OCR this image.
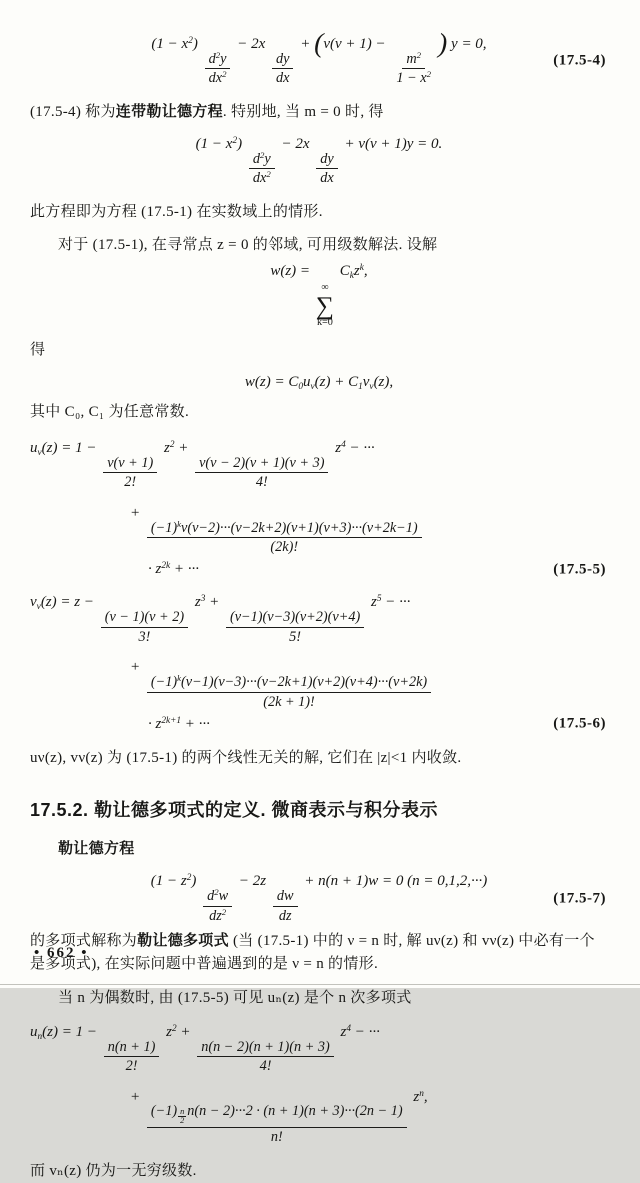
$(1 - x^2)$
$\frac{d^2y}{dx^2}$
− 2x
$\frac{dy}{dx}$
+ (ν(ν + 1) −
$\frac{m^2}{1 - x^2}$
) y = 0,
(17.5-4)

(17.5-4) 称为连带勒让德方程. 特别地, 当 m = 0 时, 得

$(1 - x^2)$
$\frac{d^2y}{dx^2}$
− 2x
$\frac{dy}{dx}$
+ ν(ν + 1)y = 0.

此方程即为方程 (17.5-1) 在实数域上的情形.

对于 (17.5-1), 在寻常点 z = 0 的邻域, 可用级数解法. 设解

w(z) =
∞
∑
k=0
$C_kz^k$,

得

$w(z) = C_0u_\nu(z) + C_1v_\nu(z)$,

其中 C₀, C₁ 为任意常数.

$u_\nu(z) = 1$ −
$\frac{\nu(\nu + 1)}{2!}$
$z^2$ +
$\frac{\nu(\nu - 2)(\nu + 1)(\nu + 3)}{4!}$
$z^4$ − ···
+
$\frac{(-1)^k\nu(\nu-2)\cdot\cdot\cdot(\nu-2k+2)(\nu+1)(\nu+3)\cdot\cdot\cdot(\nu+2k-1)}{(2k)!}$
· $z^{2k}$ + ···	(17.5-5)
$v_\nu(z) = z$ −
$\frac{(\nu - 1)(\nu + 2)}{3!}$
$z^3$ +
$\frac{(\nu-1)(\nu-3)(\nu+2)(\nu+4)}{5!}$
$z^5$ − ···
+
$\frac{(-1)^k(\nu-1)(\nu-3)\cdot\cdot\cdot(\nu-2k+1)(\nu+2)(\nu+4)\cdot\cdot\cdot(\nu+2k)}{(2k + 1)!}$
· $z^{2k+1}$ + ···	(17.5-6)

uν(z), vν(z) 为 (17.5-1) 的两个线性无关的解, 它们在 |z|<1 内收敛.

17.5.2. 勒让德多项式的定义. 微商表示与积分表示

勒让德方程

$(1 - z^2)$
$\frac{d^2w}{dz^2}$
− 2z
$\frac{dw}{dz}$
+ n(n + 1)w = 0 (n = 0,1,2,···)
(17.5-7)

的多项式解称为勒让德多项式 (当 (17.5-1) 中的 ν = n 时, 解 uν(z) 和 vν(z) 中必有一个是多项式), 在实际问题中普遍遇到的是 ν = n 的情形.

当 n 为偶数时, 由 (17.5-5) 可见 uₙ(z) 是个 n 次多项式

$u_n(z) = 1$ −
$\frac{n(n + 1)}{2!}$
$z^2$ +
$\frac{n(n - 2)(n + 1)(n + 3)}{4!}$
$z^4$ − ···
+
(−1) $^{\frac{n}{2}}$ n(n − 2)···2 · (n + 1)(n + 3)···(2n − 1)
n!
$z^n$,

而 vₙ(z) 仍为一无穷级数.

• 662 •
